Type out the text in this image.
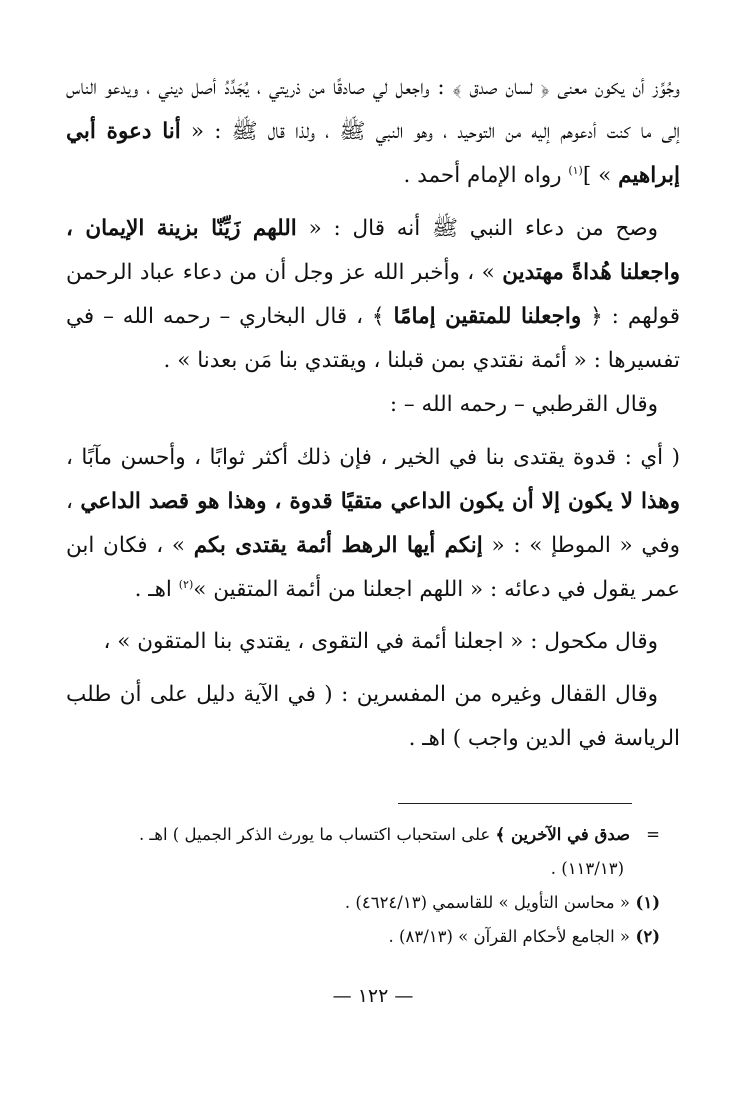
وجُوِّز أن يكون معنى ﴿ لسان صدق ﴾ : واجعل لي صادقًا من ذريتي ، يُجَدِّدُ أصل ديني ، ويدعو الناس إلى ما كنت أدعوهم إليه من التوحيد ، وهو النبي ﷺ ، ولذا قال ﷺ : « أنا دعوة أبي إبراهيم » ]$^{(١)}$ رواه الإمام أحمد .

وصح من دعاء النبي ﷺ أنه قال : « اللهم زَيِّنّا بزينة الإيمان ، واجعلنا هُداةً مهتدين » ، وأخبر الله عز وجل أن من دعاء عباد الرحمن قولهم : ﴿ واجعلنا للمتقين إمامًا ﴾ ، قال البخاري – رحمه الله – في تفسيرها : « أئمة نقتدي بمن قبلنا ، ويقتدي بنا مَن بعدنا » .

وقال القرطبي – رحمه الله – :

( أي : قدوة يقتدى بنا في الخير ، فإن ذلك أكثر ثوابًا ، وأحسن مآبًا ، وهذا لا يكون إلا أن يكون الداعي متقيًا قدوة ، وهذا هو قصد الداعي ، وفي « الموطإ » : « إنكم أيها الرهط أئمة يقتدى بكم » ، فكان ابن عمر يقول في دعائه : « اللهم اجعلنا من أئمة المتقين »$^{(٢)}$ اهـ .

وقال مكحول : « اجعلنا أئمة في التقوى ، يقتدي بنا المتقون » ،

وقال القفال وغيره من المفسرين : ( في الآية دليل على أن طلب الرياسة في الدين واجب ) اهـ .

=صدق في الآخرين ﴾ على استحباب اكتساب ما يورث الذكر الجميل ) اهـ .

(١١٣/١٣) .

(١)« محاسن التأويل » للقاسمي (٤٦٢٤/١٣) .

(٢)« الجامع لأحكام القرآن » (٨٣/١٣) .

— ١٢٢ —
